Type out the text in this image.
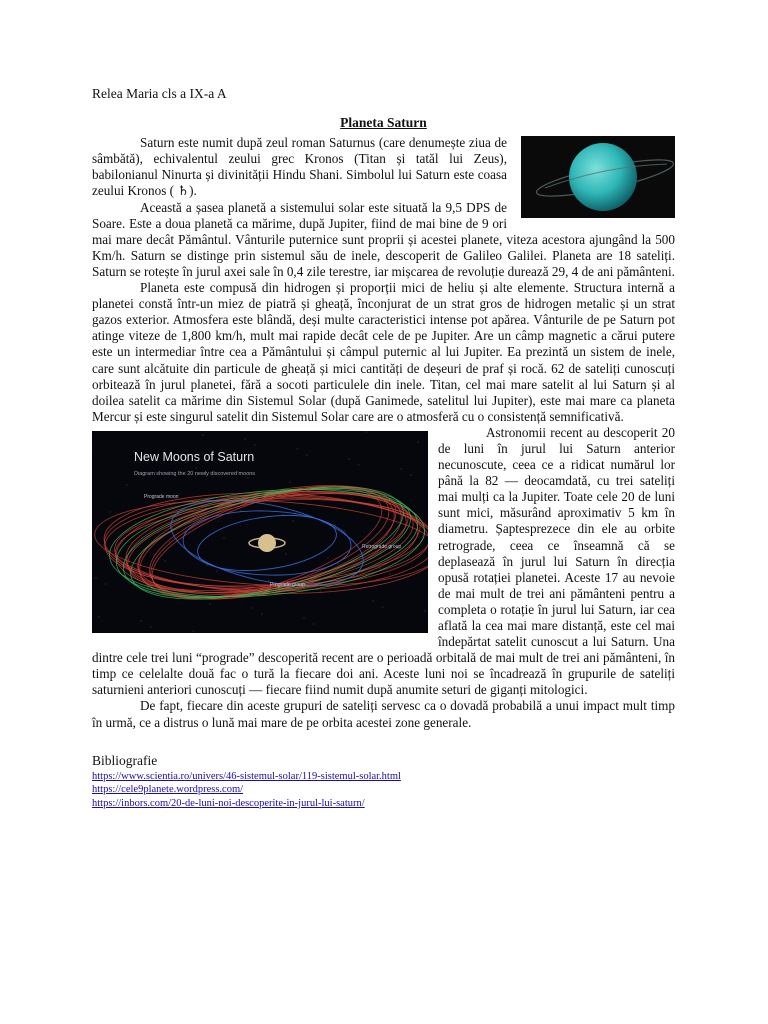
Relea Maria cls a IX-a A
Planeta Saturn

Saturn este numit după zeul roman Saturnus (care denumește ziua de sâmbătă), echivalentul zeului grec Kronos (Titan și tatăl lui Zeus), babilonianul Ninurta și divinității Hindu Shani. Simbolul lui Saturn este coasa zeului Kronos ( ♄).

Această a șasea planetă a sistemului solar este situată la 9,5 DPS de Soare. Este a doua planetă ca mărime, după Jupiter, fiind de mai bine de 9 ori mai mare decât Pământul. Vânturile puternice sunt proprii și acestei planete, viteza acestora ajungând la 500 Km/h. Saturn se distinge prin sistemul său de inele, descoperit de Galileo Galilei. Planeta are 18 sateliți. Saturn se rotește în jurul axei sale în 0,4 zile terestre, iar mișcarea de revoluție durează 29, 4 de ani pământeni.

Planeta este compusă din hidrogen și proporții mici de heliu și alte elemente. Structura internă a planetei constă într-un miez de piatră și gheață, înconjurat de un strat gros de hidrogen metalic și un strat gazos exterior. Atmosfera este blândă, deși multe caracteristici intense pot apărea. Vânturile de pe Saturn pot atinge viteze de 1,800 km/h, mult mai rapide decât cele de pe Jupiter. Are un câmp magnetic a cărui putere este un intermediar între cea a Pământului și câmpul puternic al lui Jupiter. Ea prezintă un sistem de inele, care sunt alcătuite din particule de gheață și mici cantități de deșeuri de praf și rocă. 62 de sateliți cunoscuți orbitează în jurul planetei, fără a socoti particulele din inele. Titan, cel mai mare satelit al lui Saturn și al doilea satelit ca mărime din Sistemul Solar (după Ganimede, satelitul lui Jupiter), este mai mare ca planeta Mercur și este singurul satelit din Sistemul Solar care are o atmosferă cu o consistență semnificativă.

New Moons of Saturn
Diagram showing the 20 newly discovered moons
Prograde moon
Retrograde group
Prograde group

Astronomii recent au descoperit 20 de luni în jurul lui Saturn anterior necunoscute, ceea ce a ridicat numărul lor până la 82 — deocamdată, cu trei sateliți mai mulți ca la Jupiter. Toate cele 20 de luni sunt mici, măsurând aproximativ 5 km în diametru. Șaptesprezece din ele au orbite retrograde, ceea ce înseamnă că se deplasează în jurul lui Saturn în direcția opusă rotației planetei. Aceste 17 au nevoie de mai mult de trei ani pământeni pentru a completa o rotație în jurul lui Saturn, iar cea aflată la cea mai mare distanță, este cel mai îndepărtat satelit cunoscut a lui Saturn. Una dintre cele trei luni “prograde” descoperită recent are o perioadă orbitală de mai mult de trei ani pământeni, în timp ce celelalte două fac o tură la fiecare doi ani. Aceste luni noi se încadrează în grupurile de sateliți saturnieni anteriori cunoscuți — fiecare fiind numit după anumite seturi de giganți mitologici.

De fapt, fiecare din aceste grupuri de sateliți servesc ca o dovadă probabilă a unui impact mult timp în urmă, ce a distrus o lună mai mare de pe orbita acestei zone generale.

Bibliografie
https://www.scientia.ro/univers/46-sistemul-solar/119-sistemul-solar.html
https://cele9planete.wordpress.com/
https://inbors.com/20-de-luni-noi-descoperite-in-jurul-lui-saturn/
